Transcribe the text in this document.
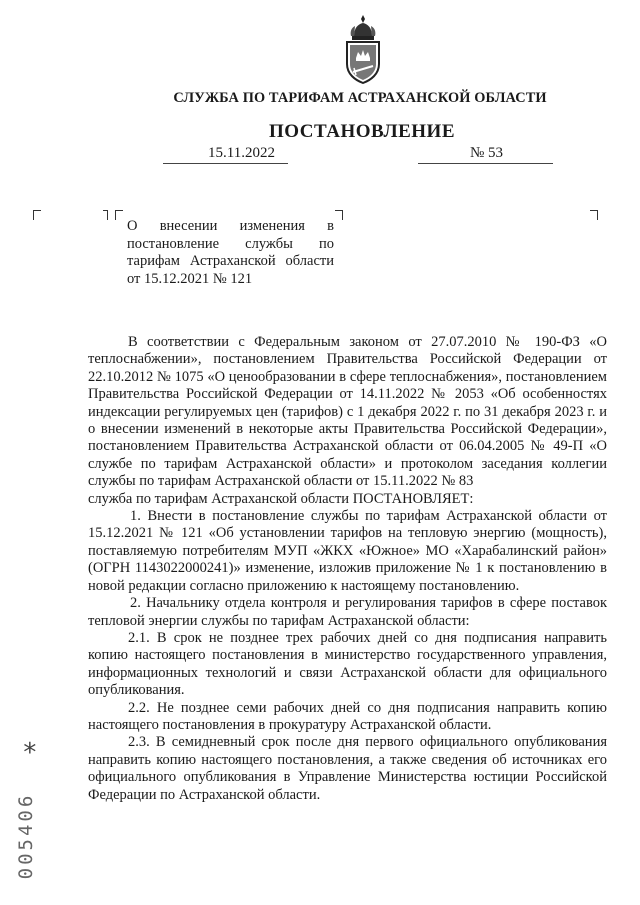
СЛУЖБА ПО ТАРИФАМ АСТРАХАНСКОЙ ОБЛАСТИ
ПОСТАНОВЛЕНИЕ
15.11.2022	№ 53
О внесении изменения в
постановление службы по
тарифам Астраханской области
от 15.12.2021 № 121

В соответствии с Федеральным законом от 27.07.2010 № 190-ФЗ «О теплоснабжении», постановлением Правительства Российской Федерации от 22.10.2012 № 1075 «О ценообразовании в сфере теплоснабжения», постановлением Правительства Российской Федерации от 14.11.2022 № 2053 «Об особенностях индексации регулируемых цен (тарифов) с 1 декабря 2022 г. по 31 декабря 2023 г. и о внесении изменений в некоторые акты Правительства Российской Федерации», постановлением Правительства Астраханской области от 06.04.2005 № 49-П «О службе по тарифам Астраханской области» и протоколом заседания коллегии службы по тарифам Астраханской области от 15.11.2022 № 83

служба по тарифам Астраханской области ПОСТАНОВЛЯЕТ:

1. Внести в постановление службы по тарифам Астраханской области от 15.12.2021 № 121 «Об установлении тарифов на тепловую энергию (мощность), поставляемую потребителям МУП «ЖКХ «Южное» МО «Харабалинский район» (ОГРН 1143022000241)» изменение, изложив приложение № 1 к постановлению в новой редакции согласно приложению к настоящему постановлению.

2. Начальнику отдела контроля и регулирования тарифов в сфере поставок тепловой энергии службы по тарифам Астраханской области:

2.1. В срок не позднее трех рабочих дней со дня подписания направить копию настоящего постановления в министерство государственного управления, информационных технологий и связи Астраханской области для официального опубликования.

2.2. Не позднее семи рабочих дней со дня подписания направить копию настоящего постановления в прокуратуру Астраханской области.

2.3. В семидневный срок после дня первого официального опубликования направить копию настоящего постановления, а также сведения об источниках его официального опубликования в Управление Министерства юстиции Российской Федерации по Астраханской области.

*
005406
